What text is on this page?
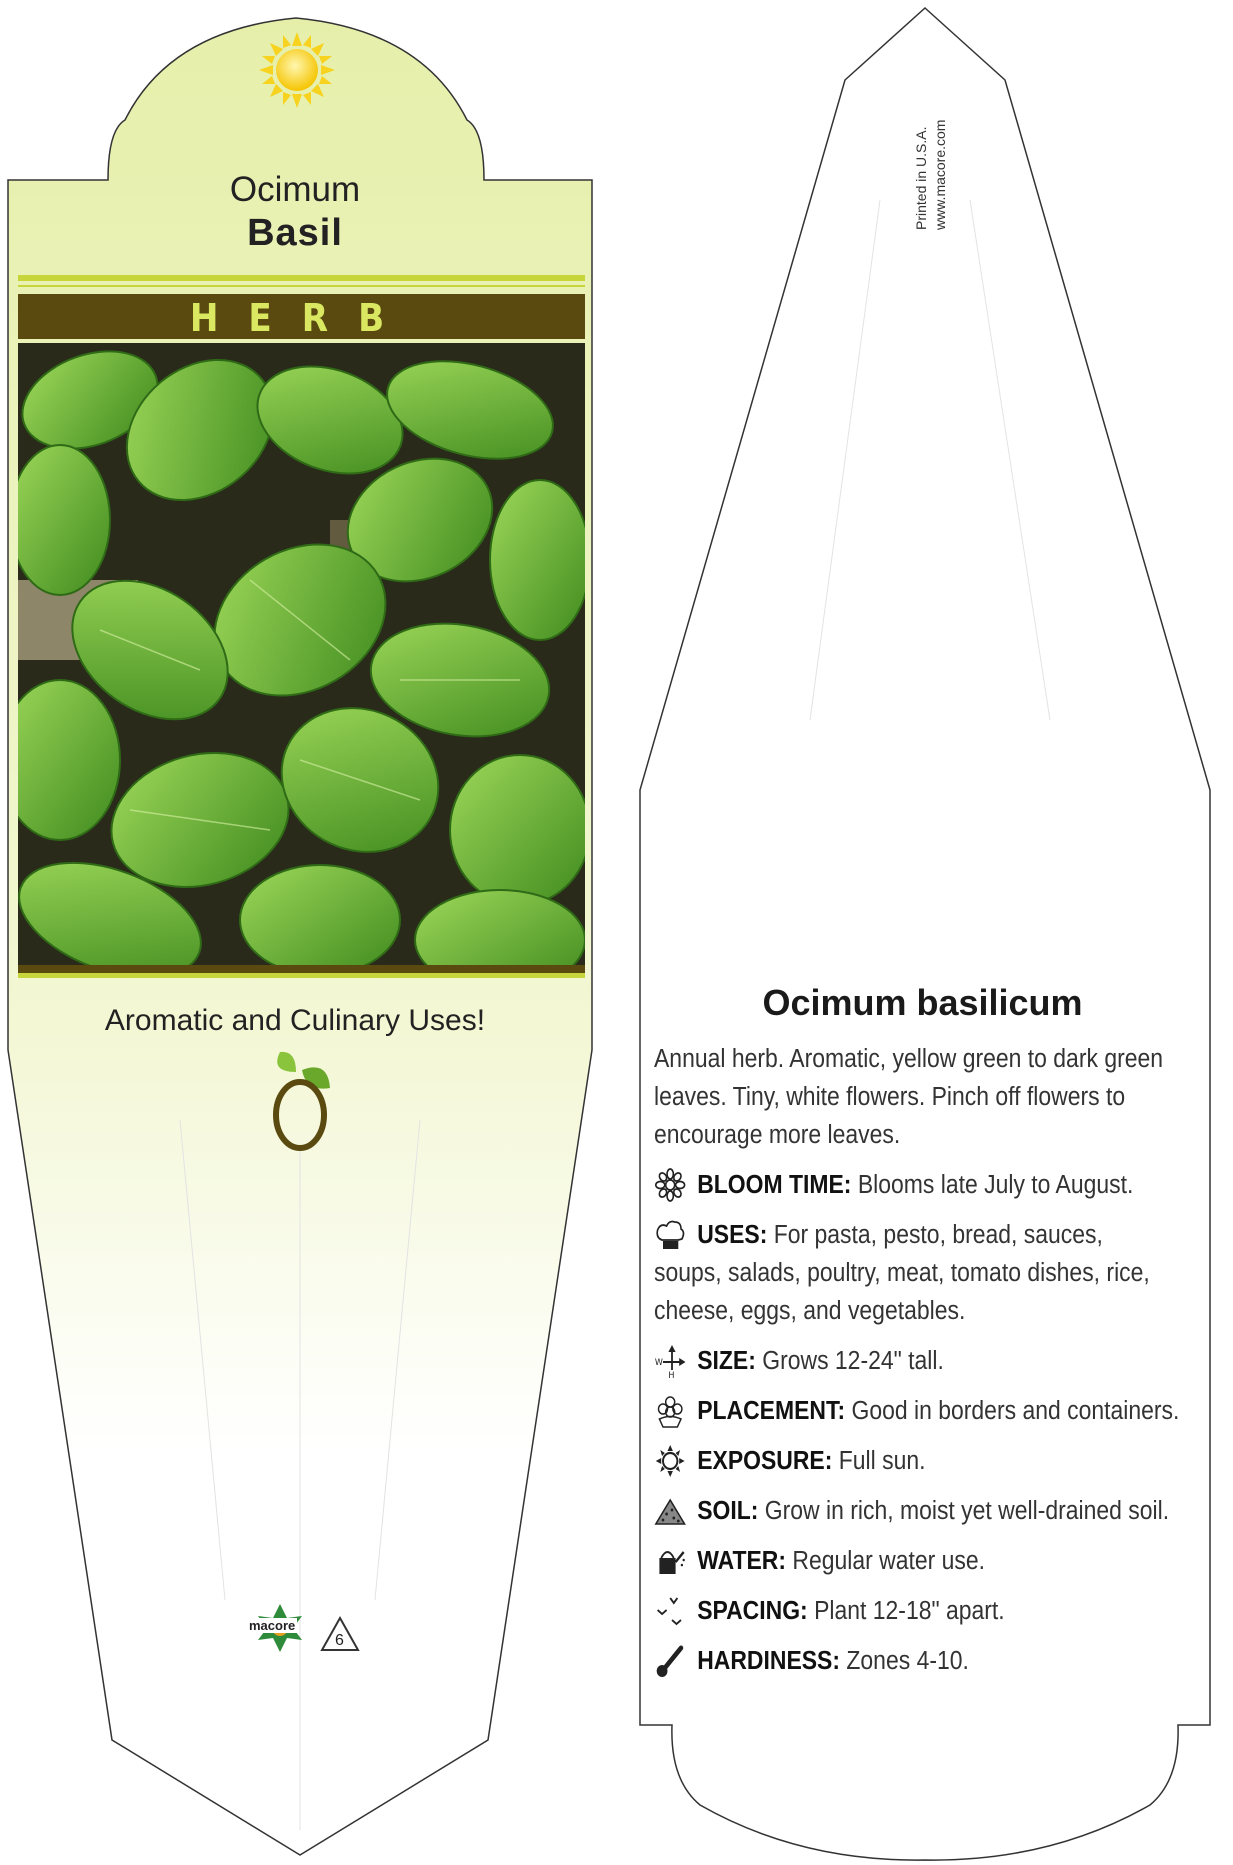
Ocimum
Basil
HERB
Aromatic and Culinary Uses!
macore
6
Printed in U.S.A. www.macore.com
Ocimum basilicum
Annual herb. Aromatic, yellow green to dark green leaves. Tiny, white flowers. Pinch off flowers to encourage more leaves.
BLOOM TIME: Blooms late July to August.
USES: For pasta, pesto, bread, sauces, soups, salads, poultry, meat, tomato dishes, rice, cheese, eggs, and vegetables.
W
H
SIZE: Grows 12-24" tall.
PLACEMENT: Good in borders and containers.
EXPOSURE: Full sun.
SOIL: Grow in rich, moist yet well-drained soil.
WATER: Regular water use.
SPACING: Plant 12-18" apart.
HARDINESS: Zones 4-10.
